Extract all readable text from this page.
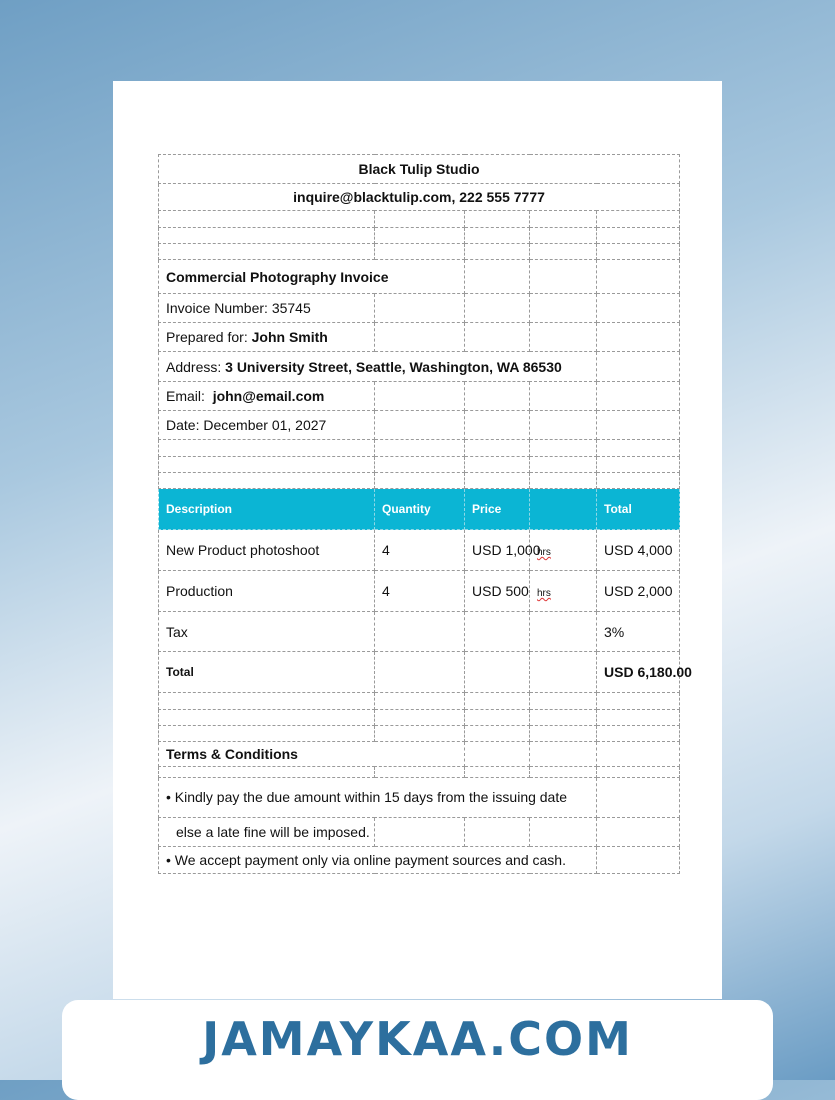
Black Tulip Studio				
inquire@blacktulip.com, 222 555 7777				

Commercial Photography Invoice				
Invoice Number: 35745				
Prepared for: John Smith				
Address: 3 University Street, Seattle, Washington, WA 86530				
Email: john@email.com				
Date: December 01, 2027				

Description	Quantity	Price		Total
New Product photoshoot	4	USD 1,000	hrs	USD 4,000
Production	4	USD 500	hrs	USD 2,000
Tax				3%
Total				USD 6,180.00

Terms & Conditions				

• Kindly pay the due amount within 15 days from the issuing date				
else a late fine will be imposed.				
• We accept payment only via online payment sources and cash.				
JAMAYKAA.COM
